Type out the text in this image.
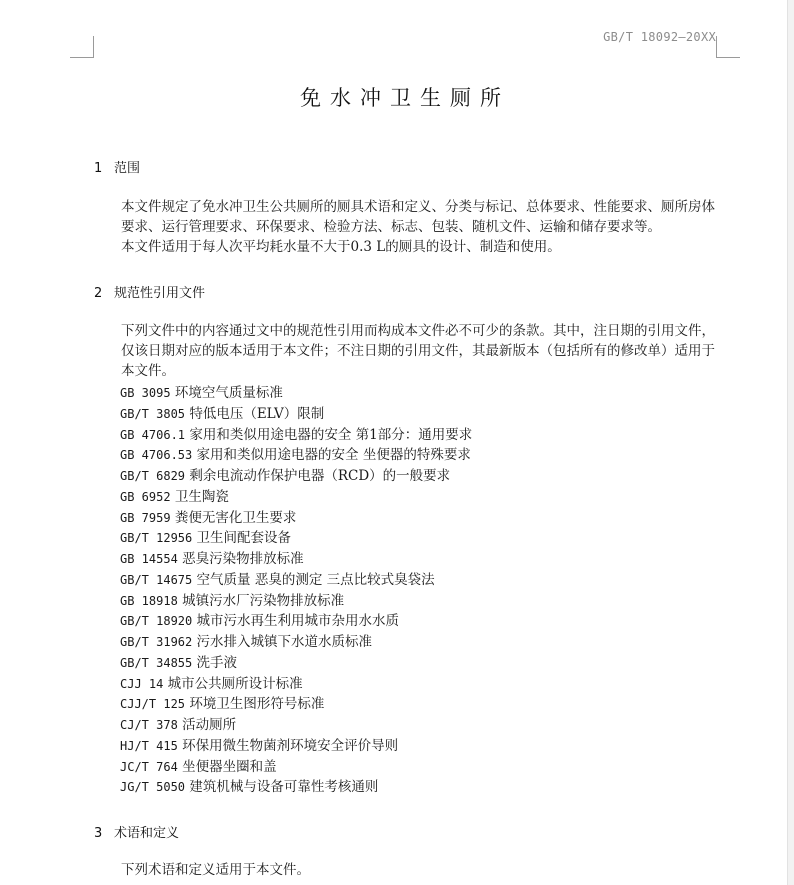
GB/T 18092—20XX
免水冲卫生厕所
1 范围
本文件规定了免水冲卫生公共厕所的厕具术语和定义、分类与标记、总体要求、性能要求、厕所房体要求、运行管理要求、环保要求、检验方法、标志、包装、随机文件、运输和储存要求等。
本文件适用于每人次平均耗水量不大于0.3 L的厕具的设计、制造和使用。
2 规范性引用文件
下列文件中的内容通过文中的规范性引用而构成本文件必不可少的条款。其中，注日期的引用文件，仅该日期对应的版本适用于本文件；不注日期的引用文件，其最新版本（包括所有的修改单）适用于本文件。
GB 3095 环境空气质量标准
GB/T 3805 特低电压（ELV）限制
GB 4706.1 家用和类似用途电器的安全 第1部分：通用要求
GB 4706.53 家用和类似用途电器的安全 坐便器的特殊要求
GB/T 6829 剩余电流动作保护电器（RCD）的一般要求
GB 6952 卫生陶瓷
GB 7959 粪便无害化卫生要求
GB/T 12956 卫生间配套设备
GB 14554 恶臭污染物排放标准
GB/T 14675 空气质量 恶臭的测定 三点比较式臭袋法
GB 18918 城镇污水厂污染物排放标准
GB/T 18920 城市污水再生利用城市杂用水水质
GB/T 31962 污水排入城镇下水道水质标准
GB/T 34855 洗手液
CJJ 14 城市公共厕所设计标准
CJJ/T 125 环境卫生图形符号标准
CJ/T 378 活动厕所
HJ/T 415 环保用微生物菌剂环境安全评价导则
JC/T 764 坐便器坐圈和盖
JG/T 5050 建筑机械与设备可靠性考核通则
3 术语和定义
下列术语和定义适用于本文件。
